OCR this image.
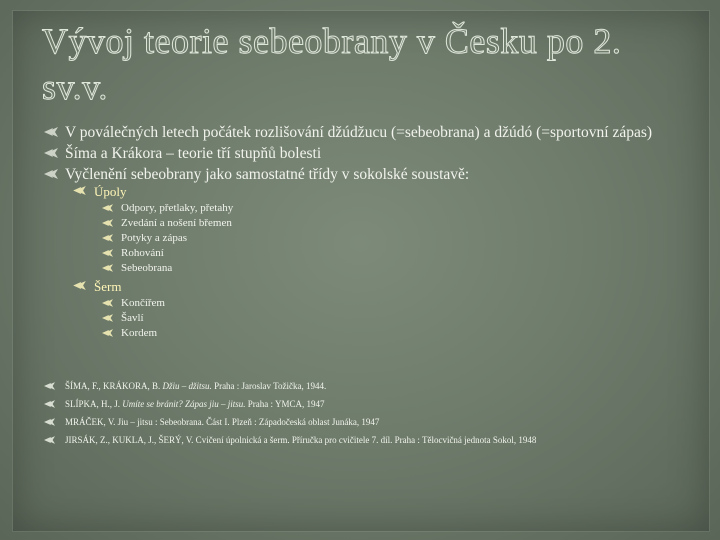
Vývoj teorie sebeobrany v Česku po 2. sv.v.
V poválečných letech počátek rozlišování džúdžucu (=sebeobrana) a džúdó (=sportovní zápas)
Šíma a Krákora – teorie tří stupňů bolesti
Vyčlenění sebeobrany jako samostatné třídy v sokolské soustavě:
Úpoly
Odpory, přetlaky, přetahy
Zvedání a nošení břemen
Potyky a zápas
Rohování
Sebeobrana
Šerm
Končířem
Šavlí
Kordem
ŠÍMA, F., KRÁKORA, B. Džiu – džitsu. Praha : Jaroslav Tožička, 1944.
SLÍPKA, H., J. Umíte se bránit? Zápas jiu – jitsu. Praha : YMCA, 1947
MRÁČEK, V. Jiu – jitsu : Sebeobrana. Část I. Plzeň : Západočeská oblast Junáka, 1947
JIRSÁK, Z., KUKLA, J., ŠERÝ, V. Cvičení úpolnická a šerm. Příručka pro cvičitele 7. díl. Praha : Tělocvičná jednota Sokol, 1948
